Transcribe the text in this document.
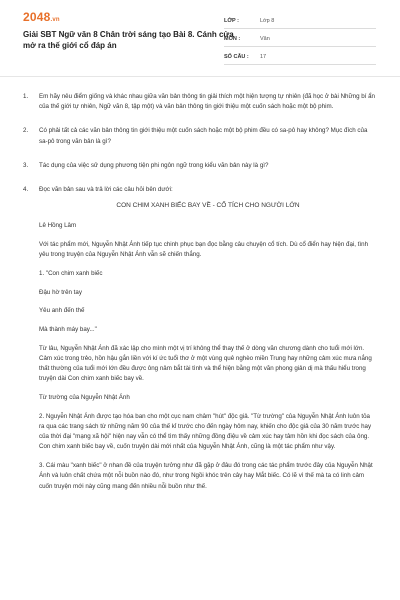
2048.vn
Giải SBT Ngữ văn 8 Chân trời sáng tạo Bài 8. Cánh cửa mở ra thế giới cổ đáp án
LỚP :	Lớp 8
MÔN :	Văn
SỐ CÂU :	17
1.	Em hãy nêu điểm giống và khác nhau giữa văn bản thông tin giải thích một hiện tượng tự nhiên (đã học ở bài Những bí ẩn của thế giới tự nhiên, Ngữ văn 8, tập một) và văn bản thông tin giới thiệu một cuốn sách hoặc một bộ phim.
2.	Có phải tất cả các văn bản thông tin giới thiệu một cuốn sách hoặc một bộ phim đều có sa-pô hay không? Mục đích của sa-pô trong văn bản là gì?
3.	Tác dụng của việc sử dụng phương tiện phi ngôn ngữ trong kiểu văn bản này là gì?
4.	Đọc văn bản sau và trả lời các câu hỏi bên dưới:
CON CHIM XANH BIẾC BAY VỀ - CỔ TÍCH CHO NGƯỜI LỚN

Lê Hồng Lâm

Với tác phẩm mới, Nguyễn Nhật Ánh tiếp tục chinh phục bạn đọc bằng câu chuyện cổ tích. Dù cổ điển hay hiện đại, tình yêu trong truyện của Nguyễn Nhật Ánh vẫn sẽ chiến thắng.

1. "Con chim xanh biếc

Đậu hờ trên tay

Yêu anh đến thế

Mà thành máy bay..."

Từ lâu, Nguyễn Nhật Ánh đã xác lập cho mình một vị trí không thể thay thế ở dòng văn chương dành cho tuổi mới lớn. Cảm xúc trong trẻo, hồn hậu gắn liền với kí ức tuổi thơ ở một vùng quê nghèo miền Trung hay những cảm xúc mưa nắng thất thường của tuổi mới lớn đều được ông nâm bắt tài tình và thể hiện bằng một văn phong giản dị mà thấu hiểu trong truyện dài Con chim xanh biếc bay về.

Từ trường của Nguyễn Nhật Ánh

2. Nguyễn Nhật Ánh được tạo hóa ban cho một cục nam châm "hút" độc giả. "Từ trường" của Nguyễn Nhật Ánh luôn tỏa ra qua các trang sách từ những năm 90 của thế kỉ trước cho đến ngày hôm nay, khiến cho độc giả của 30 năm trước hay của thời đại "mạng xã hội" hiện nay vẫn có thể tìm thấy những đồng điệu về cảm xúc hay tâm hồn khi đọc sách của ông. Con chim xanh biếc bay về, cuốn truyện dài mới nhất của Nguyễn Nhật Ánh, cũng là một tác phẩm như vậy.

3. Cái màu "xanh biếc" ở nhan đề của truyện tưởng như đã gặp ở đâu đó trong các tác phẩm trước đây của Nguyễn Nhật Ánh và luôn chất chứa một nỗi buồn nào đó, như trong Ngồi khóc trên cây hay Mắt biếc. Có lẽ vì thế mà ta có linh cảm cuốn truyện mới này cũng mang đến nhiều nỗi buồn như thế.
